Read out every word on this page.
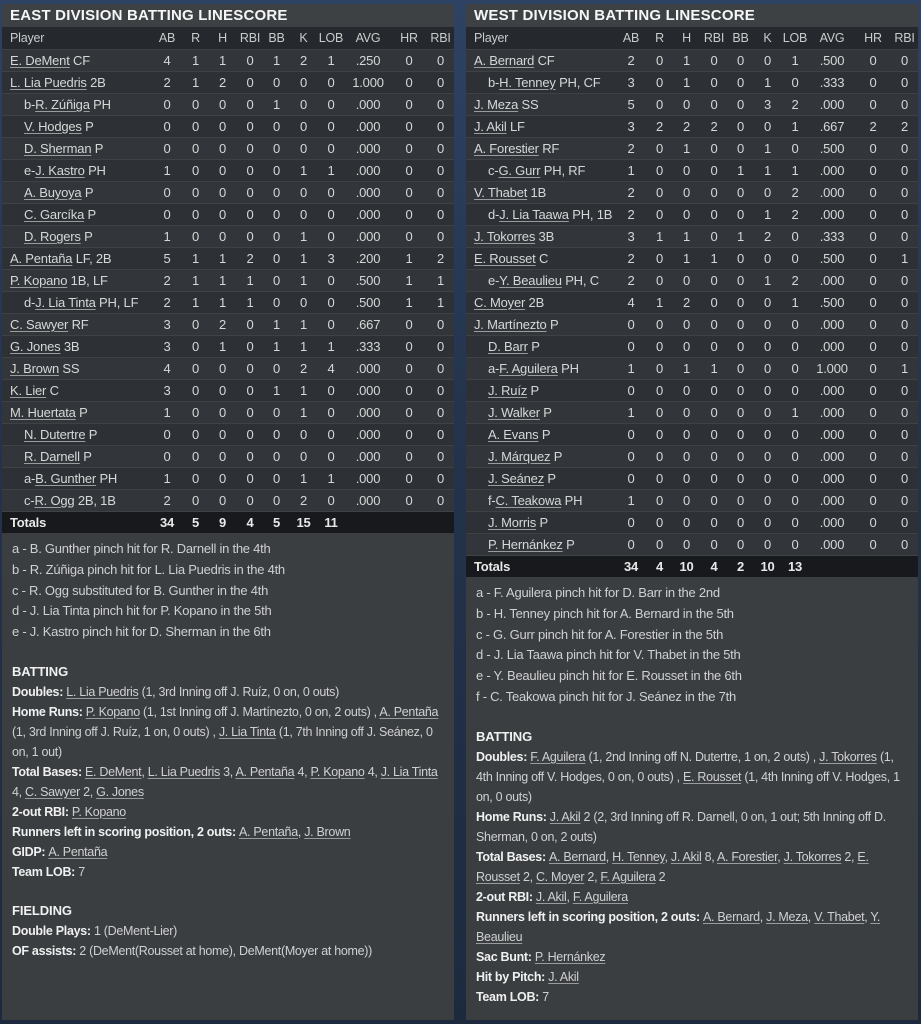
EAST DIVISION BATTING LINESCORE
Player	AB	R	H	RBI BB	K LOB AVG	HR	RBI
E. DeMent CF	4	1	1	0	1	2	1	.250	0	0
L. Lia Puedris 2B	2	1	2	0	0	0	0	1.000	0	0
b-R. Zúñiga PH	0	0	0	0	1	0	0	.000	0	0
V. Hodges P	0	0	0	0	0	0	0	.000	0	0
D. Sherman P	0	0	0	0	0	0	0	.000	0	0
e-J. Kastro PH	1	0	0	0	0	1	1	.000	0	0
A. Buyoya P	0	0	0	0	0	0	0	.000	0	0
C. Garcíka P	0	0	0	0	0	0	0	.000	0	0
D. Rogers P	1	0	0	0	0	1	0	.000	0	0
A. Pentaña LF, 2B	5	1	1	2	0	1	3	.200	1	2
P. Kopano 1B, LF	2	1	1	1	0	1	0	.500	1	1
d-J. Lia Tinta PH, LF	2	1	1	1	0	0	0	.500	1	1
C. Sawyer RF	3	0	2	0	1	1	0	.667	0	0
G. Jones 3B	3	0	1	0	1	1	1	.333	0	0
J. Brown SS	4	0	0	0	0	2	4	.000	0	0
K. Lier C	3	0	0	0	1	1	0	.000	0	0
M. Huertata P	1	0	0	0	0	1	0	.000	0	0
N. Dutertre P	0	0	0	0	0	0	0	.000	0	0
R. Darnell P	0	0	0	0	0	0	0	.000	0	0
a-B. Gunther PH	1	0	0	0	0	1	1	.000	0	0
c-R. Ogg 2B, 1B	2	0	0	0	0	2	0	.000	0	0
Totals	34	5	9	4	5	15	11
a - B. Gunther pinch hit for R. Darnell in the 4th
b - R. Zúñiga pinch hit for L. Lia Puedris in the 4th
c - R. Ogg substituted for B. Gunther in the 4th
d - J. Lia Tinta pinch hit for P. Kopano in the 5th
e - J. Kastro pinch hit for D. Sherman in the 6th
BATTING
Doubles: L. Lia Puedris (1, 3rd Inning off J. Ruíz, 0 on, 0 outs)
Home Runs: P. Kopano (1, 1st Inning off J. Martínezto, 0 on, 2 outs) , A. Pentaña (1, 3rd Inning off J. Ruíz, 1 on, 0 outs) , J. Lia Tinta (1, 7th Inning off J. Seánez, 0 on, 1 out)
Total Bases: E. DeMent, L. Lia Puedris 3, A. Pentaña 4, P. Kopano 4, J. Lia Tinta 4, C. Sawyer 2, G. Jones
2-out RBI: P. Kopano
Runners left in scoring position, 2 outs: A. Pentaña, J. Brown
GIDP: A. Pentaña
Team LOB: 7
FIELDING
Double Plays: 1 (DeMent-Lier)
OF assists: 2 (DeMent(Rousset at home), DeMent(Moyer at home))
WEST DIVISION BATTING LINESCORE
Player	AB	R	H	RBI BB	K LOB AVG	HR	RBI
A. Bernard CF	2	0	1	0	0	0	1	.500	0	0
b-H. Tenney PH, CF	3	0	1	0	0	1	0	.333	0	0
J. Meza SS	5	0	0	0	0	3	2	.000	0	0
J. Akil LF	3	2	2	2	0	0	1	.667	2	2
A. Forestier RF	2	0	1	0	0	1	0	.500	0	0
c-G. Gurr PH, RF	1	0	0	0	1	1	1	.000	0	0
V. Thabet 1B	2	0	0	0	0	0	2	.000	0	0
d-J. Lia Taawa PH, 1B	2	0	0	0	0	1	2	.000	0	0
J. Tokorres 3B	3	1	1	0	1	2	0	.333	0	0
E. Rousset C	2	0	1	1	0	0	0	.500	0	1
e-Y. Beaulieu PH, C	2	0	0	0	0	1	2	.000	0	0
C. Moyer 2B	4	1	2	0	0	0	1	.500	0	0
J. Martínezto P	0	0	0	0	0	0	0	.000	0	0
D. Barr P	0	0	0	0	0	0	0	.000	0	0
a-F. Aguilera PH	1	0	1	1	0	0	0	1.000	0	1
J. Ruíz P	0	0	0	0	0	0	0	.000	0	0
J. Walker P	1	0	0	0	0	0	1	.000	0	0
A. Evans P	0	0	0	0	0	0	0	.000	0	0
J. Márquez P	0	0	0	0	0	0	0	.000	0	0
J. Seánez P	0	0	0	0	0	0	0	.000	0	0
f-C. Teakowa PH	1	0	0	0	0	0	0	.000	0	0
J. Morris P	0	0	0	0	0	0	0	.000	0	0
P. Hernánkez P	0	0	0	0	0	0	0	.000	0	0
Totals	34	4	10	4	2	10	13
a - F. Aguilera pinch hit for D. Barr in the 2nd
b - H. Tenney pinch hit for A. Bernard in the 5th
c - G. Gurr pinch hit for A. Forestier in the 5th
d - J. Lia Taawa pinch hit for V. Thabet in the 5th
e - Y. Beaulieu pinch hit for E. Rousset in the 6th
f - C. Teakowa pinch hit for J. Seánez in the 7th
BATTING
Doubles: F. Aguilera (1, 2nd Inning off N. Dutertre, 1 on, 2 outs) , J. Tokorres (1, 4th Inning off V. Hodges, 0 on, 0 outs) , E. Rousset (1, 4th Inning off V. Hodges, 1 on, 0 outs)
Home Runs: J. Akil 2 (2, 3rd Inning off R. Darnell, 0 on, 1 out; 5th Inning off D. Sherman, 0 on, 2 outs)
Total Bases: A. Bernard, H. Tenney, J. Akil 8, A. Forestier, J. Tokorres 2, E. Rousset 2, C. Moyer 2, F. Aguilera 2
2-out RBI: J. Akil, F. Aguilera
Runners left in scoring position, 2 outs: A. Bernard, J. Meza, V. Thabet, Y. Beaulieu
Sac Bunt: P. Hernánkez
Hit by Pitch: J. Akil
Team LOB: 7
